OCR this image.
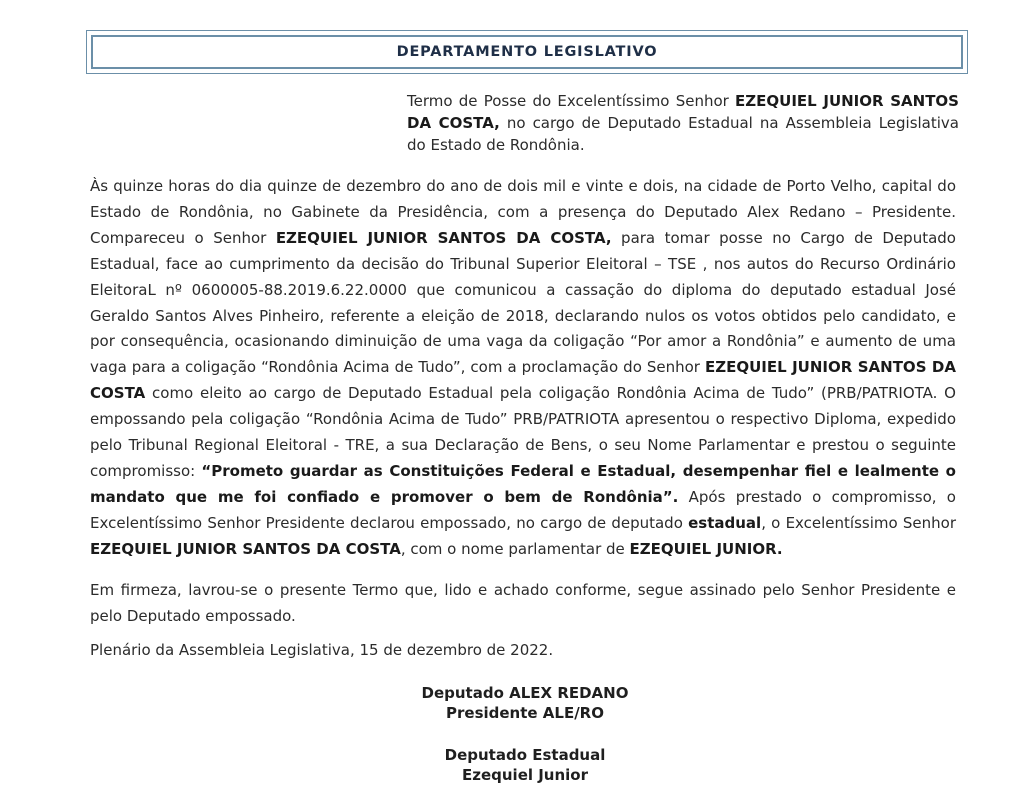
DEPARTAMENTO LEGISLATIVO
Termo de Posse do Excelentíssimo Senhor EZEQUIEL JUNIOR SANTOS DA COSTA, no cargo de Deputado Estadual na Assembleia Legislativa do Estado de Rondônia.
Às quinze horas do dia quinze de dezembro do ano de dois mil e vinte e dois, na cidade de Porto Velho, capital do Estado de Rondônia, no Gabinete da Presidência, com a presença do Deputado Alex Redano – Presidente. Compareceu o Senhor EZEQUIEL JUNIOR SANTOS DA COSTA, para tomar posse no Cargo de Deputado Estadual, face ao cumprimento da decisão do Tribunal Superior Eleitoral – TSE , nos autos do Recurso Ordinário EleitoraL nº 0600005-88.2019.6.22.0000 que comunicou a cassação do diploma do deputado estadual José Geraldo Santos Alves Pinheiro, referente a eleição de 2018, declarando nulos os votos obtidos pelo candidato, e por consequência, ocasionando diminuição de uma vaga da coligação “Por amor a Rondônia” e aumento de uma vaga para a coligação “Rondônia Acima de Tudo”, com a proclamação do Senhor EZEQUIEL JUNIOR SANTOS DA COSTA como eleito ao cargo de Deputado Estadual pela coligação Rondônia Acima de Tudo” (PRB/PATRIOTA. O empossando pela coligação “Rondônia Acima de Tudo” PRB/PATRIOTA apresentou o respectivo Diploma, expedido pelo Tribunal Regional Eleitoral - TRE, a sua Declaração de Bens, o seu Nome Parlamentar e prestou o seguinte compromisso: “Prometo guardar as Constituições Federal e Estadual, desempenhar fiel e lealmente o mandato que me foi confiado e promover o bem de Rondônia”. Após prestado o compromisso, o Excelentíssimo Senhor Presidente declarou empossado, no cargo de deputado estadual, o Excelentíssimo Senhor EZEQUIEL JUNIOR SANTOS DA COSTA, com o nome parlamentar de EZEQUIEL JUNIOR.
Em firmeza, lavrou-se o presente Termo que, lido e achado conforme, segue assinado pelo Senhor Presidente e pelo Deputado empossado.
Plenário da Assembleia Legislativa, 15 de dezembro de 2022.
Deputado ALEX REDANO
Presidente ALE/RO
Deputado Estadual
Ezequiel Junior
